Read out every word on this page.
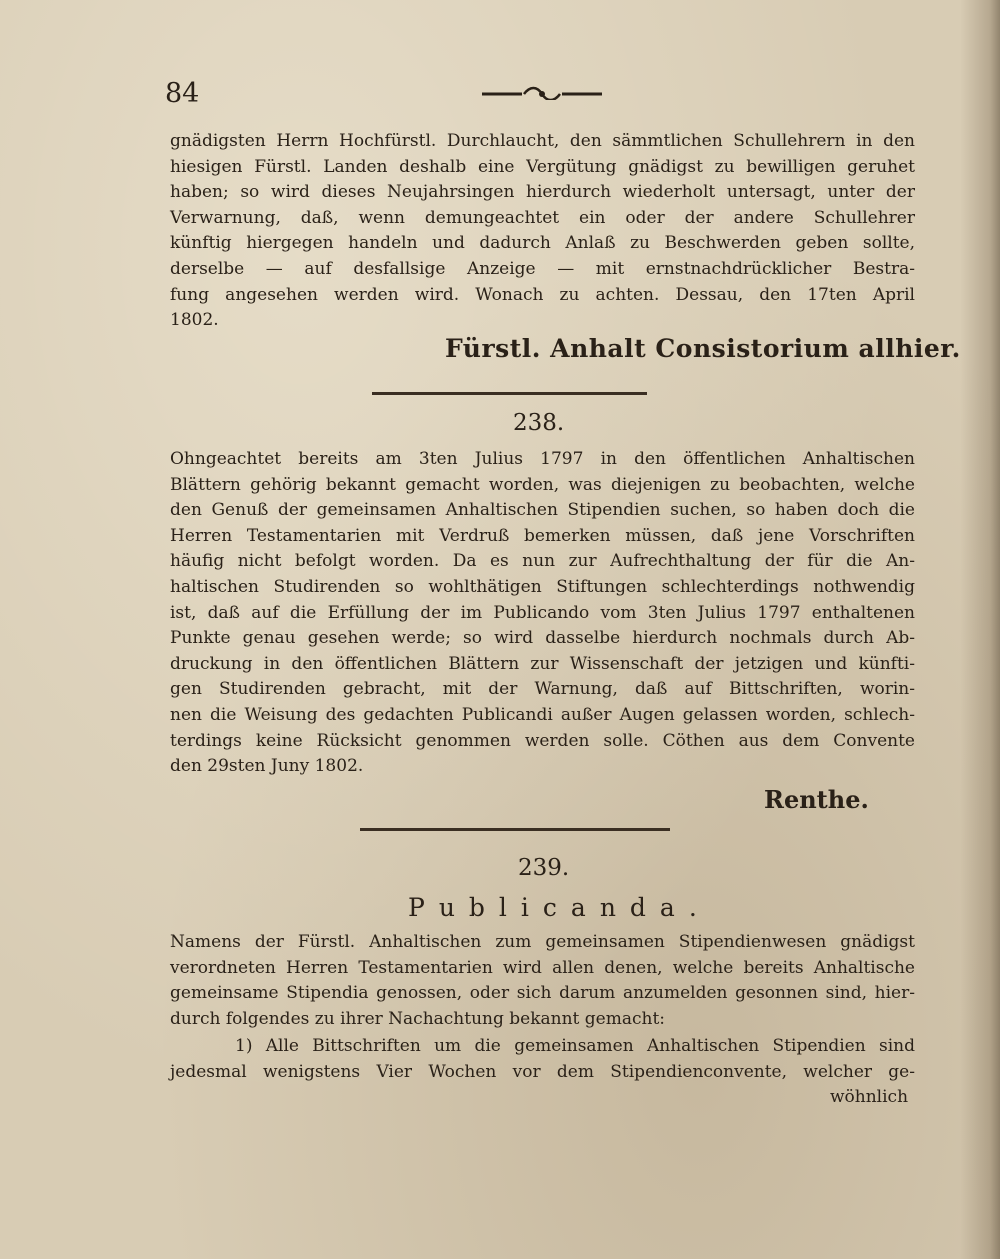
84
gnädigsten Herrn Hochfürstl. Durchlaucht, den sämmtlichen Schullehrern in den
hiesigen Fürstl. Landen deshalb eine Vergütung gnädigst zu bewilligen geruhet
haben; so wird dieses Neujahrsingen hierdurch wiederholt untersagt, unter der
Verwarnung, daß, wenn demungeachtet ein oder der andere Schullehrer
künftig hiergegen handeln und dadurch Anlaß zu Beschwerden geben sollte,
derselbe — auf desfallsige Anzeige — mit ernstnachdrücklicher Bestra-
fung angesehen werden wird. Wonach zu achten. Dessau, den 17ten April
1802.
Fürstl. Anhalt Consistorium allhier.
238.
Ohngeachtet bereits am 3ten Julius 1797 in den öffentlichen Anhaltischen
Blättern gehörig bekannt gemacht worden, was diejenigen zu beobachten, welche
den Genuß der gemeinsamen Anhaltischen Stipendien suchen, so haben doch die
Herren Testamentarien mit Verdruß bemerken müssen, daß jene Vorschriften
häufig nicht befolgt worden. Da es nun zur Aufrechthaltung der für die An-
haltischen Studirenden so wohlthätigen Stiftungen schlechterdings nothwendig
ist, daß auf die Erfüllung der im Publicando vom 3ten Julius 1797 enthaltenen
Punkte genau gesehen werde; so wird dasselbe hierdurch nochmals durch Ab-
druckung in den öffentlichen Blättern zur Wissenschaft der jetzigen und künfti-
gen Studirenden gebracht, mit der Warnung, daß auf Bittschriften, worin-
nen die Weisung des gedachten Publicandi außer Augen gelassen worden, schlech-
terdings keine Rücksicht genommen werden solle. Cöthen aus dem Convente
den 29sten Juny 1802.
Renthe.
239.
Publicanda.
Namens der Fürstl. Anhaltischen zum gemeinsamen Stipendienwesen gnädigst
verordneten Herren Testamentarien wird allen denen, welche bereits Anhaltische
gemeinsame Stipendia genossen, oder sich darum anzumelden gesonnen sind, hier-
durch folgendes zu ihrer Nachachtung bekannt gemacht:
1) Alle Bittschriften um die gemeinsamen Anhaltischen Stipendien sind
jedesmal wenigstens Vier Wochen vor dem Stipendienconvente, welcher ge-
wöhnlich
